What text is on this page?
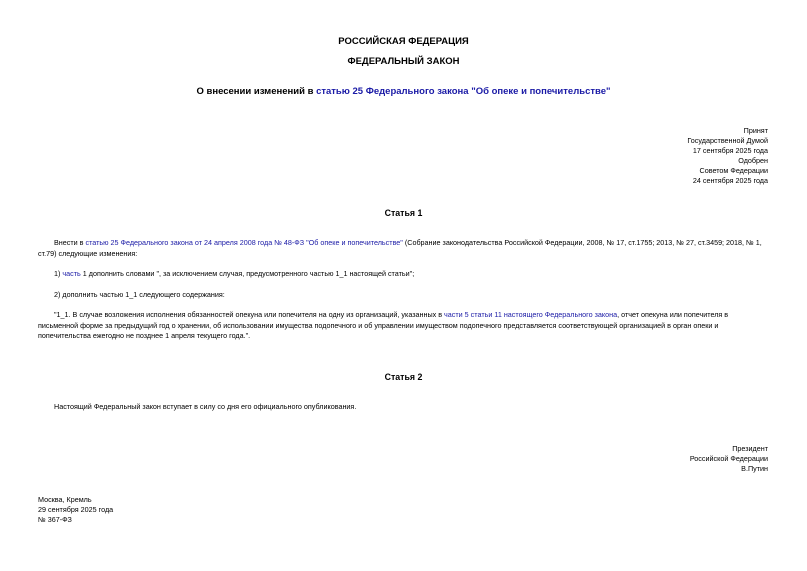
РОССИЙСКАЯ ФЕДЕРАЦИЯ
ФЕДЕРАЛЬНЫЙ ЗАКОН
О внесении изменений в статью 25 Федерального закона "Об опеке и попечительстве"
Принят
Государственной Думой
17 сентября 2025 года
Одобрен
Советом Федерации
24 сентября 2025 года
Статья 1
Внести в статью 25 Федерального закона от 24 апреля 2008 года № 48-ФЗ "Об опеке и попечительстве" (Собрание законодательства Российской Федерации, 2008, № 17, ст.1755; 2013, № 27, ст.3459; 2018, № 1, ст.79) следующие изменения:
1) часть 1 дополнить словами ", за исключением случая, предусмотренного частью 1_1 настоящей статьи";
2) дополнить частью 1_1 следующего содержания:
"1_1. В случае возложения исполнения обязанностей опекуна или попечителя на одну из организаций, указанных в части 5 статьи 11 настоящего Федерального закона, отчет опекуна или попечителя в письменной форме за предыдущий год о хранении, об использовании имущества подопечного и об управлении имуществом подопечного представляется соответствующей организацией в орган опеки и попечительства ежегодно не позднее 1 апреля текущего года.".
Статья 2
Настоящий Федеральный закон вступает в силу со дня его официального опубликования.
Президент
Российской Федерации
В.Путин
Москва, Кремль
29 сентября 2025 года
№ 367-ФЗ
